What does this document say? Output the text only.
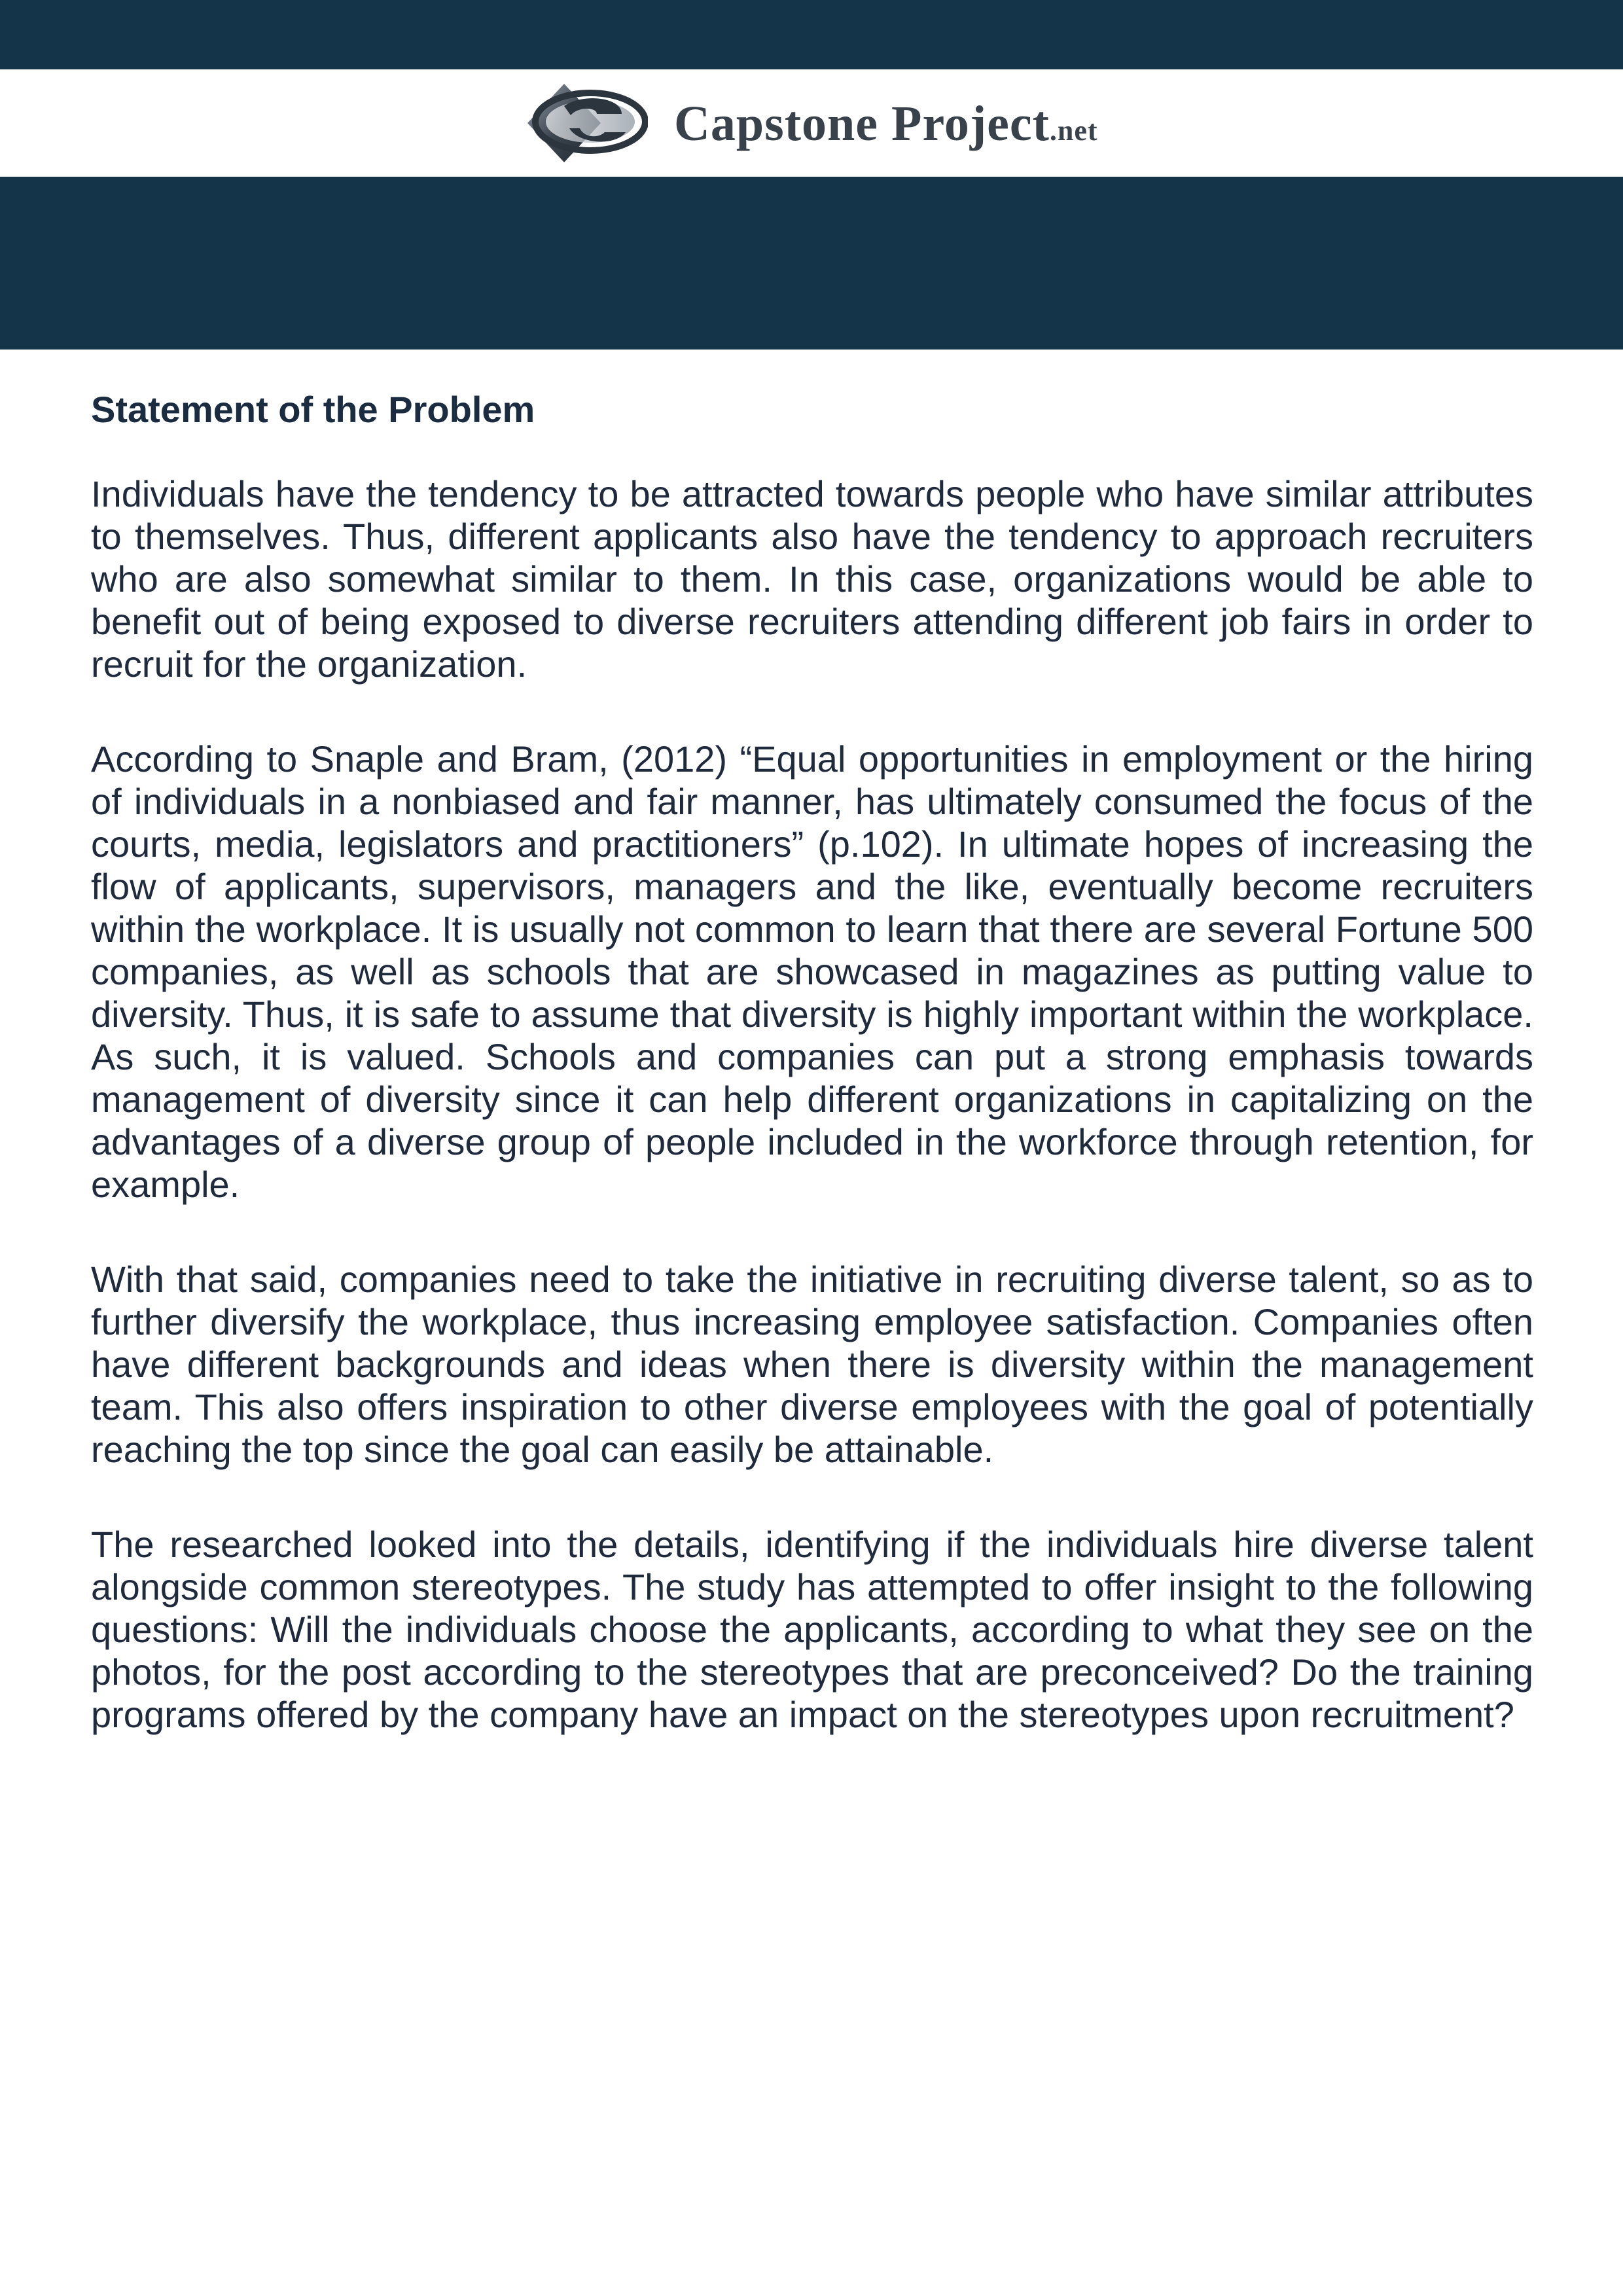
Capstone Project.net
Statement of the Problem

Individuals have the tendency to be attracted towards people who have similar attributes to themselves. Thus, different applicants also have the tendency to approach recruiters who are also somewhat similar to them. In this case, organizations would be able to benefit out of being exposed to diverse recruiters attending different job fairs in order to recruit for the organization.

According to Snaple and Bram, (2012) “Equal opportunities in employment or the hiring of individuals in a nonbiased and fair manner, has ultimately consumed the focus of the courts, media, legislators and practitioners” (p.102). In ultimate hopes of increasing the flow of applicants, supervisors, managers and the like, eventually become recruiters within the workplace. It is usually not common to learn that there are several Fortune 500 companies, as well as schools that are showcased in magazines as putting value to diversity. Thus, it is safe to assume that diversity is highly important within the workplace. As such, it is valued. Schools and companies can put a strong emphasis towards management of diversity since it can help different organizations in capitalizing on the advantages of a diverse group of people included in the workforce through retention, for example.

With that said, companies need to take the initiative in recruiting diverse talent, so as to further diversify the workplace, thus increasing employee satisfaction. Companies often have different backgrounds and ideas when there is diversity within the management team. This also offers inspiration to other diverse employees with the goal of potentially reaching the top since the goal can easily be attainable.

The researched looked into the details, identifying if the individuals hire diverse talent alongside common stereotypes. The study has attempted to offer insight to the following questions: Will the individuals choose the applicants, according to what they see on the photos, for the post according to the stereotypes that are preconceived? Do the training programs offered by the company have an impact on the stereotypes upon recruitment?
